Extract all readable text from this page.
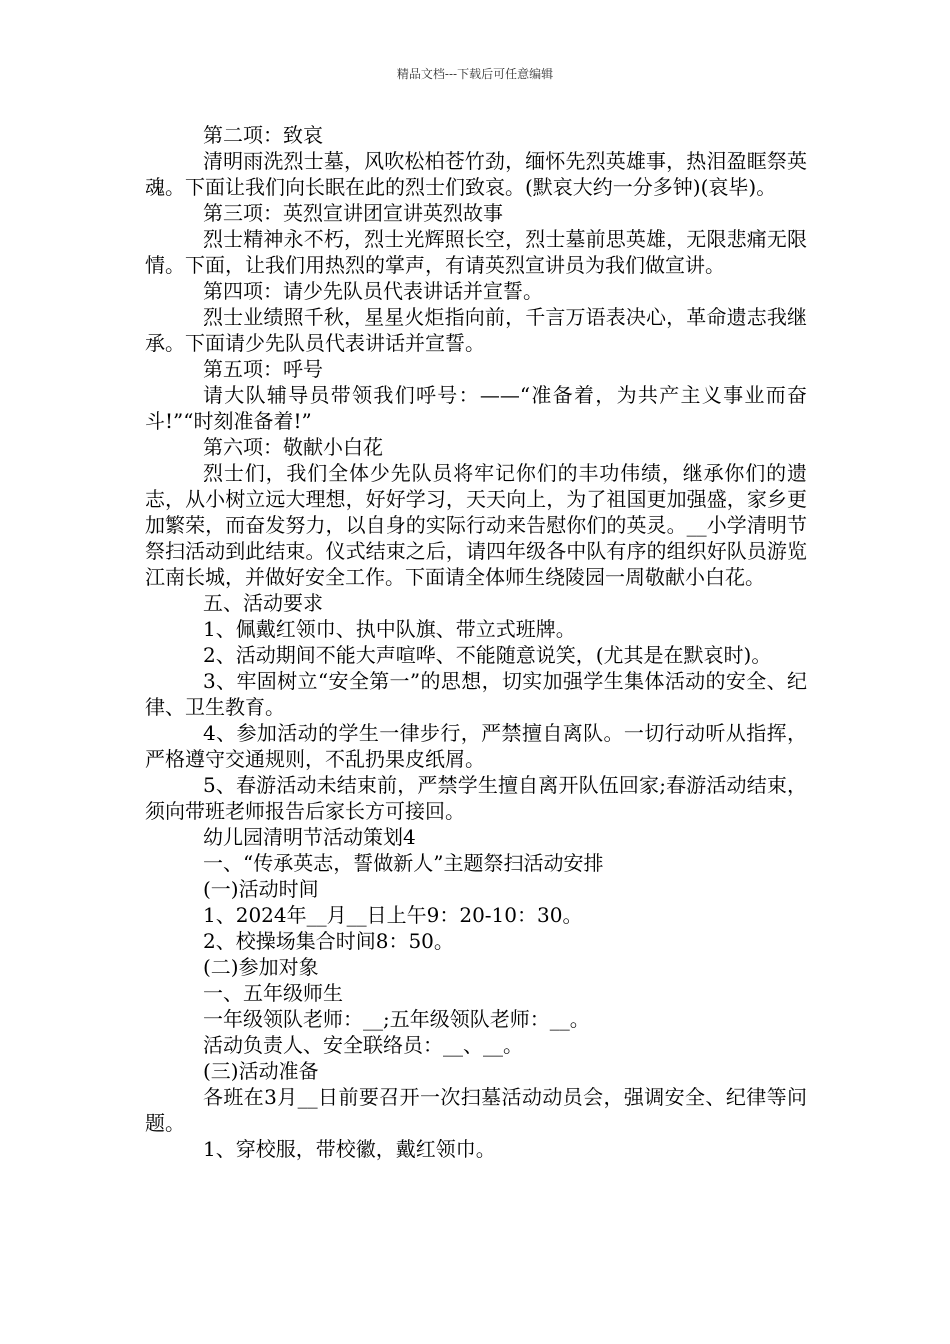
精品文档---下载后可任意编辑

第二项：致哀

清明雨洗烈士墓，风吹松柏苍竹劲，缅怀先烈英雄事，热泪盈眶祭英魂。下面让我们向长眠在此的烈士们致哀。(默哀大约一分多钟)(哀毕)。

第三项：英烈宣讲团宣讲英烈故事

烈士精神永不朽，烈士光辉照长空，烈士墓前思英雄，无限悲痛无限情。下面，让我们用热烈的掌声，有请英烈宣讲员为我们做宣讲。

第四项：请少先队员代表讲话并宣誓。

烈士业绩照千秋，星星火炬指向前，千言万语表决心，革命遗志我继承。下面请少先队员代表讲话并宣誓。

第五项：呼号

请大队辅导员带领我们呼号：——“准备着，为共产主义事业而奋斗!”“时刻准备着!”

第六项：敬献小白花

烈士们，我们全体少先队员将牢记你们的丰功伟绩，继承你们的遗志，从小树立远大理想，好好学习，天天向上，为了祖国更加强盛，家乡更加繁荣，而奋发努力，以自身的实际行动来告慰你们的英灵。__小学清明节祭扫活动到此结束。仪式结束之后，请四年级各中队有序的组织好队员游览江南长城，并做好安全工作。下面请全体师生绕陵园一周敬献小白花。

五、活动要求

1、佩戴红领巾、执中队旗、带立式班牌。

2、活动期间不能大声喧哗、不能随意说笑，(尤其是在默哀时)。

3、牢固树立“安全第一”的思想，切实加强学生集体活动的安全、纪律、卫生教育。

4、参加活动的学生一律步行，严禁擅自离队。一切行动听从指挥，严格遵守交通规则，不乱扔果皮纸屑。

5、春游活动未结束前，严禁学生擅自离开队伍回家;春游活动结束，须向带班老师报告后家长方可接回。

幼儿园清明节活动策划4

一、“传承英志，誓做新人”主题祭扫活动安排

(一)活动时间

1、2024年__月__日上午9：20-10：30。

2、校操场集合时间8：50。

(二)参加对象

一、五年级师生

一年级领队老师：__;五年级领队老师：__。

活动负责人、安全联络员：__、__。

(三)活动准备

各班在3月__日前要召开一次扫墓活动动员会，强调安全、纪律等问题。

1、穿校服，带校徽，戴红领巾。
